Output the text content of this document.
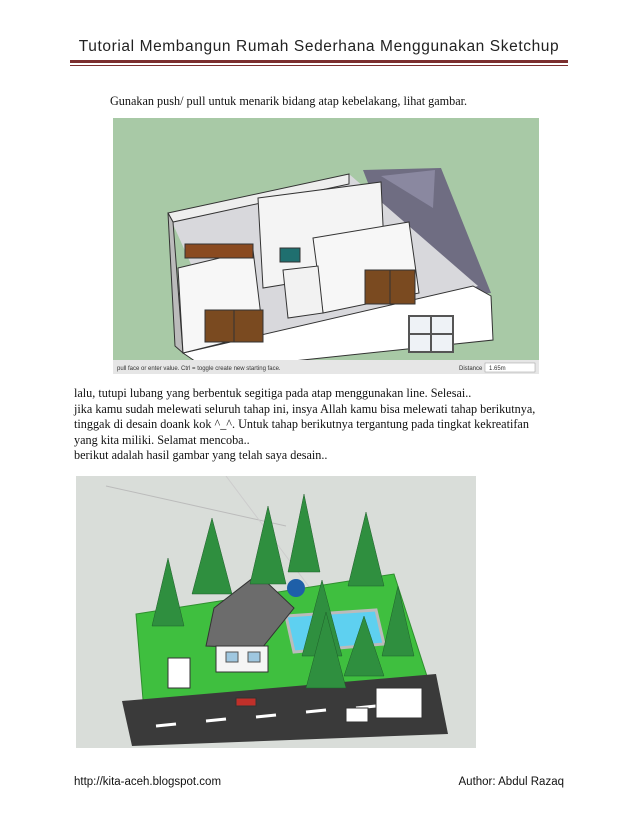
Tutorial Membangun Rumah Sederhana Menggunakan Sketchup
Gunakan push/ pull untuk menarik bidang atap kebelakang, lihat gambar.
pull face or enter value. Ctrl = toggle create new starting face.	Distance 1.65m
lalu, tutupi lubang yang berbentuk segitiga pada atap menggunakan line. Selesai..
jika kamu sudah melewati seluruh tahap ini, insya Allah kamu bisa melewati tahap berikutnya,
tinggak di desain doank kok ^_^. Untuk tahap berikutnya tergantung pada tingkat kekreatifan
yang kita miliki. Selamat mencoba..
berikut adalah hasil gambar yang telah saya desain..
http://kita-aceh.blogspot.com	Author: Abdul Razaq
